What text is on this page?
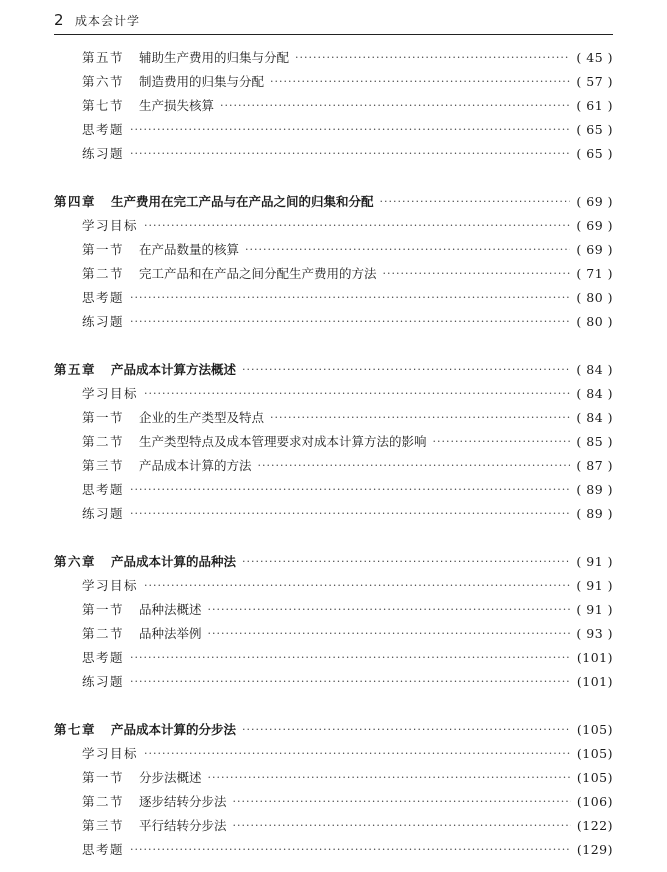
2 成本会计学
第五节 辅助生产费用的归集与分配 ·····	( 45 )
第六节 制造费用的归集与分配 ·····	( 57 )
第七节 生产损失核算 ·····	( 61 )
思考题 ·····	( 65 )
练习题 ·····	( 65 )
第四章 生产费用在完工产品与在产品之间的归集和分配 ·····	( 69 )
学习目标 ·····	( 69 )
第一节 在产品数量的核算 ·····	( 69 )
第二节 完工产品和在产品之间分配生产费用的方法 ·····	( 71 )
思考题 ·····	( 80 )
练习题 ·····	( 80 )
第五章 产品成本计算方法概述 ·····	( 84 )
学习目标 ·····	( 84 )
第一节 企业的生产类型及特点 ·····	( 84 )
第二节 生产类型特点及成本管理要求对成本计算方法的影响 ·····	( 85 )
第三节 产品成本计算的方法 ·····	( 87 )
思考题 ·····	( 89 )
练习题 ·····	( 89 )
第六章 产品成本计算的品种法 ·····	( 91 )
学习目标 ·····	( 91 )
第一节 品种法概述 ·····	( 91 )
第二节 品种法举例 ·····	( 93 )
思考题 ·····	(101)
练习题 ·····	(101)
第七章 产品成本计算的分步法 ·····	(105)
学习目标 ·····	(105)
第一节 分步法概述 ·····	(105)
第二节 逐步结转分步法 ·····	(106)
第三节 平行结转分步法 ·····	(122)
思考题 ·····	(129)
